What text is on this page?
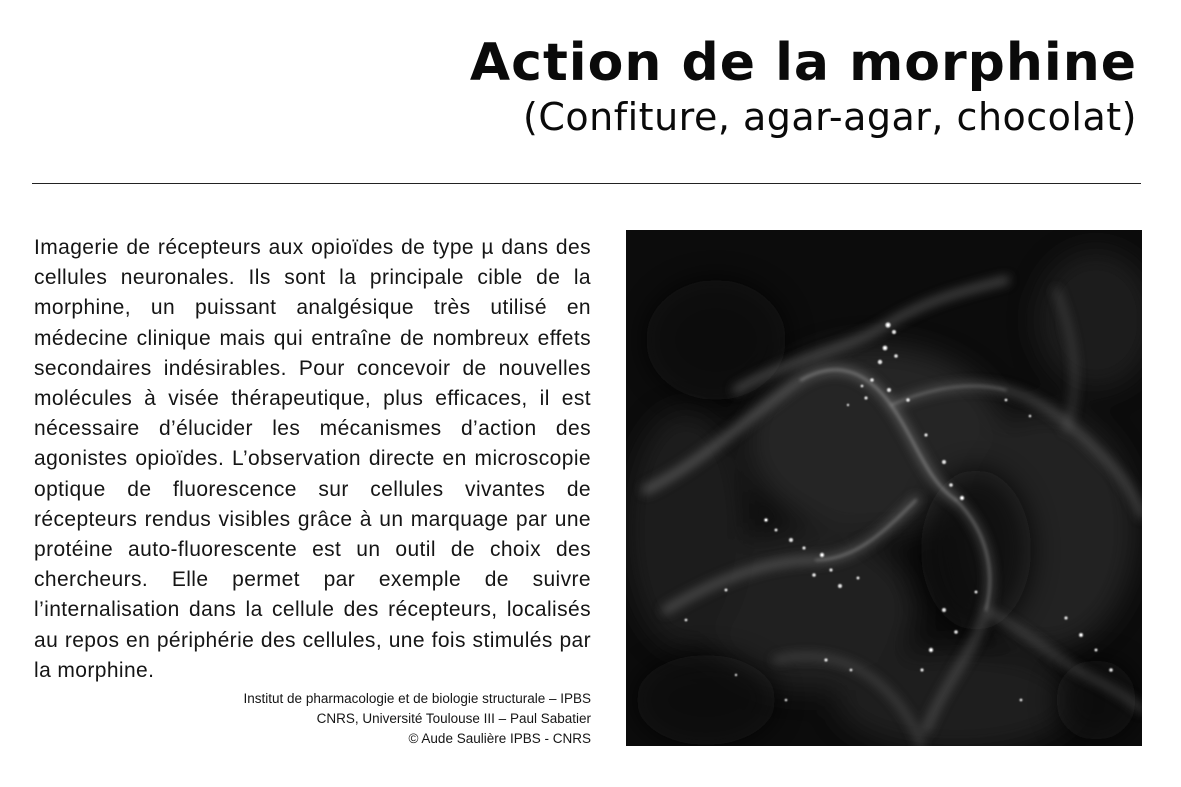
Action de la morphine
(Confiture, agar-agar, chocolat)
Imagerie de récepteurs aux opioïdes de type µ dans des cellules neuronales. Ils sont la principale cible de la morphine, un puissant analgésique très utilisé en médecine clinique mais qui entraîne de nombreux effets secondaires indésirables. Pour concevoir de nouvelles molécules à visée thérapeutique, plus efficaces, il est nécessaire d’élucider les mécanismes d’action des agonistes opioïdes. L’observation directe en microscopie optique de fluorescence sur cellules vivantes de récepteurs rendus visibles grâce à un marquage par une protéine auto-fluorescente est un outil de choix des chercheurs. Elle permet par exemple de suivre l’internalisation dans la cellule des récepteurs, localisés au repos en périphérie des cellules, une fois stimulés par la morphine.
Institut de pharmacologie et de biologie structurale – IPBS
CNRS, Université Toulouse III – Paul Sabatier
© Aude Saulière IPBS - CNRS
